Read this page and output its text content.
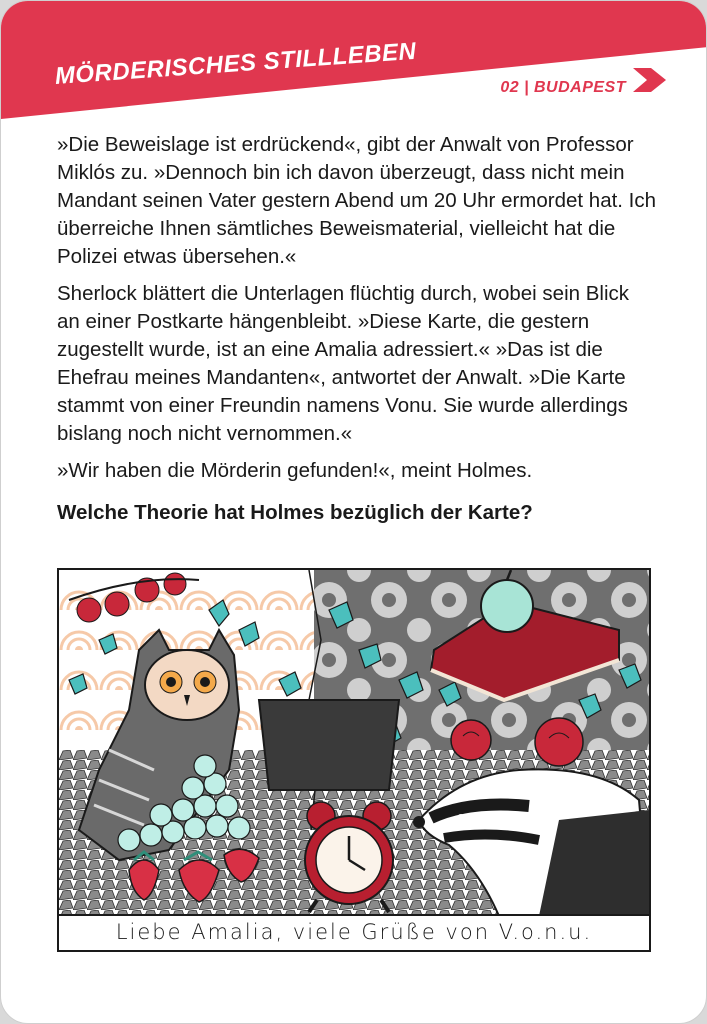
MÖRDERISCHES STILLLEBEN	02 | BUDAPEST

»Die Beweislage ist erdrückend«, gibt der Anwalt von Professor Miklós zu. »Dennoch bin ich davon überzeugt, dass nicht mein Mandant seinen Vater gestern Abend um 20 Uhr ermordet hat. Ich überreiche Ihnen sämtliches Beweismaterial, vielleicht hat die Polizei etwas übersehen.«

Sherlock blättert die Unterlagen flüchtig durch, wobei sein Blick an einer Postkarte hängenbleibt. »Diese Karte, die gestern zugestellt wurde, ist an eine Amalia adressiert.« »Das ist die Ehefrau meines Mandanten«, antwortet der Anwalt. »Die Karte stammt von einer Freundin namens Vonu. Sie wurde allerdings bislang noch nicht vernommen.«

»Wir haben die Mörderin gefunden!«, meint Holmes.

Welche Theorie hat Holmes bezüglich der Karte?

Liebe Amalia, viele Grüße von V.o.n.u.
